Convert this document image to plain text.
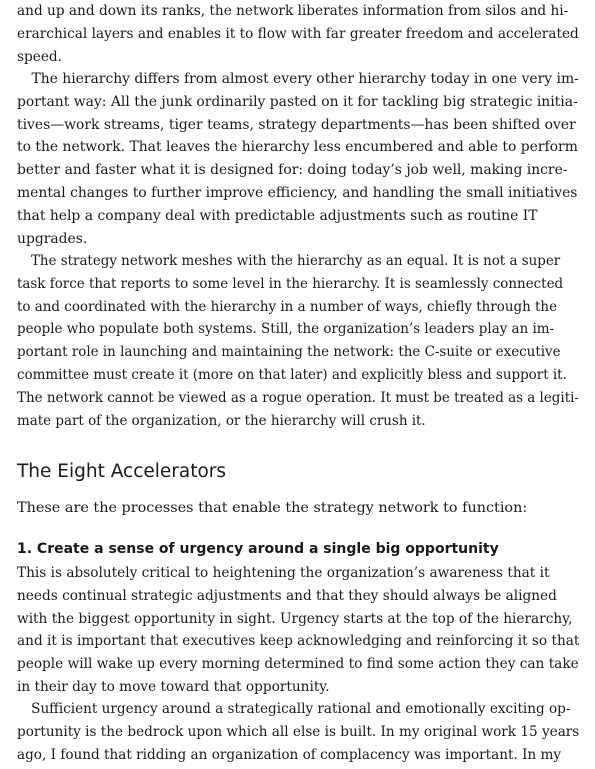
and up and down its ranks, the network liberates information from silos and hi-
erarchical layers and enables it to flow with far greater freedom and accelerated
speed.

The hierarchy differs from almost every other hierarchy today in one very im-
portant way: All the junk ordinarily pasted on it for tackling big strategic initia-
tives—work streams, tiger teams, strategy departments—has been shifted over
to the network. That leaves the hierarchy less encumbered and able to perform
better and faster what it is designed for: doing today’s job well, making incre-
mental changes to further improve efficiency, and handling the small initiatives
that help a company deal with predictable adjustments such as routine IT
upgrades.

The strategy network meshes with the hierarchy as an equal. It is not a super
task force that reports to some level in the hierarchy. It is seamlessly connected
to and coordinated with the hierarchy in a number of ways, chiefly through the
people who populate both systems. Still, the organization’s leaders play an im-
portant role in launching and maintaining the network: the C-suite or executive
committee must create it (more on that later) and explicitly bless and support it.
The network cannot be viewed as a rogue operation. It must be treated as a legiti-
mate part of the organization, or the hierarchy will crush it.

The Eight Accelerators

These are the processes that enable the strategy network to function:

1. Create a sense of urgency around a single big opportunity

This is absolutely critical to heightening the organization’s awareness that it
needs continual strategic adjustments and that they should always be aligned
with the biggest opportunity in sight. Urgency starts at the top of the hierarchy,
and it is important that executives keep acknowledging and reinforcing it so that
people will wake up every morning determined to find some action they can take
in their day to move toward that opportunity.

Sufficient urgency around a strategically rational and emotionally exciting op-
portunity is the bedrock upon which all else is built. In my original work 15 years
ago, I found that ridding an organization of complacency was important. In my
